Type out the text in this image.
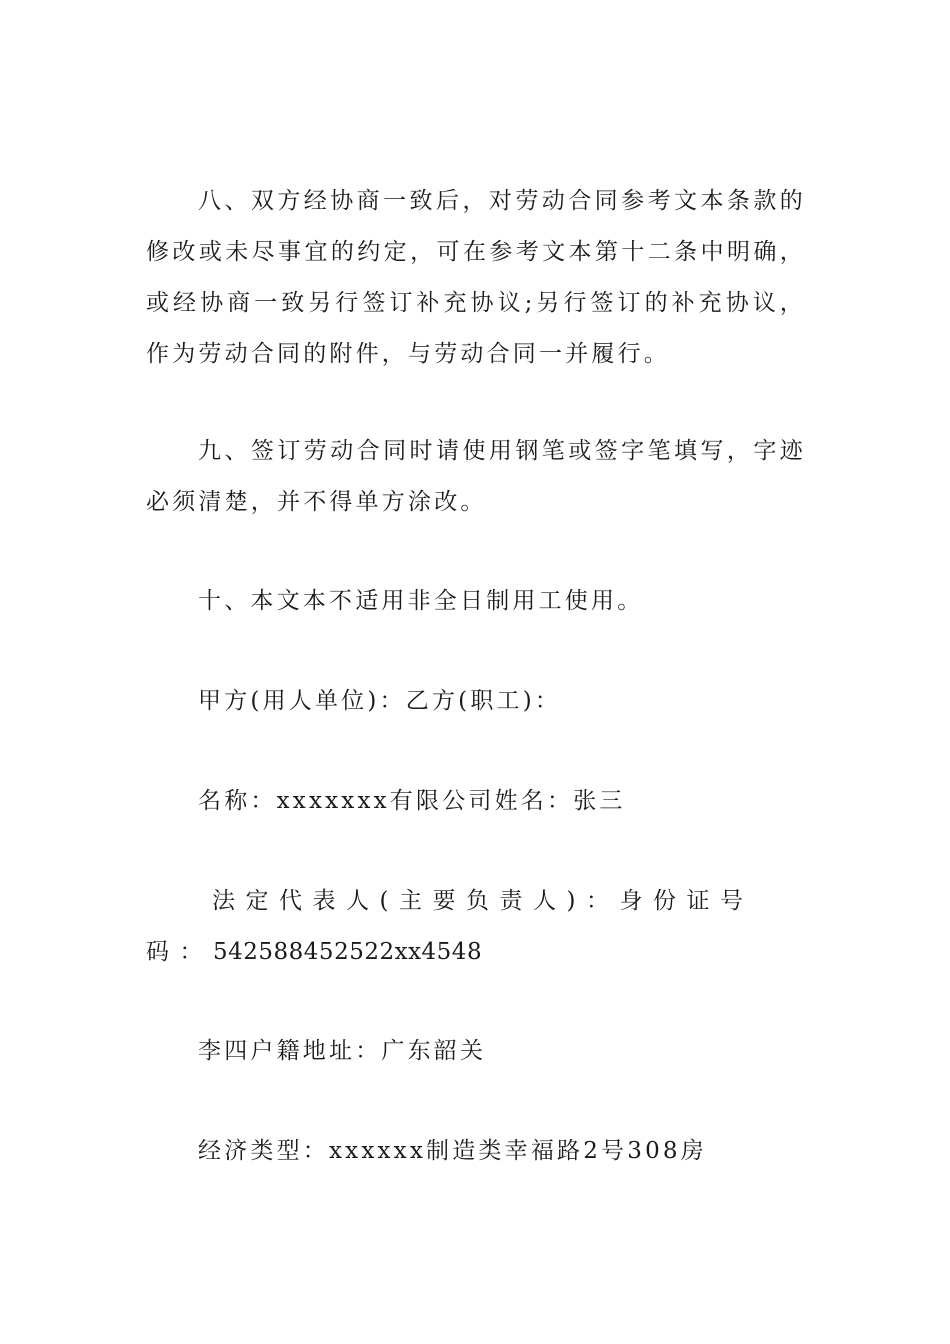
八、双方经协商一致后，对劳动合同参考文本条款的修改或未尽事宜的约定，可在参考文本第十二条中明确，或经协商一致另行签订补充协议;另行签订的补充协议，作为劳动合同的附件，与劳动合同一并履行。

九、签订劳动合同时请使用钢笔或签字笔填写，字迹必须清楚，并不得单方涂改。

十、本文本不适用非全日制用工使用。

甲方(用人单位)：乙方(职工)：

名称：xxxxxxx有限公司姓名：张三

法定代表人(主要负责人)：身份证号码：542588452522xx4548

李四户籍地址：广东韶关

经济类型：xxxxxx制造类幸福路2号308房
